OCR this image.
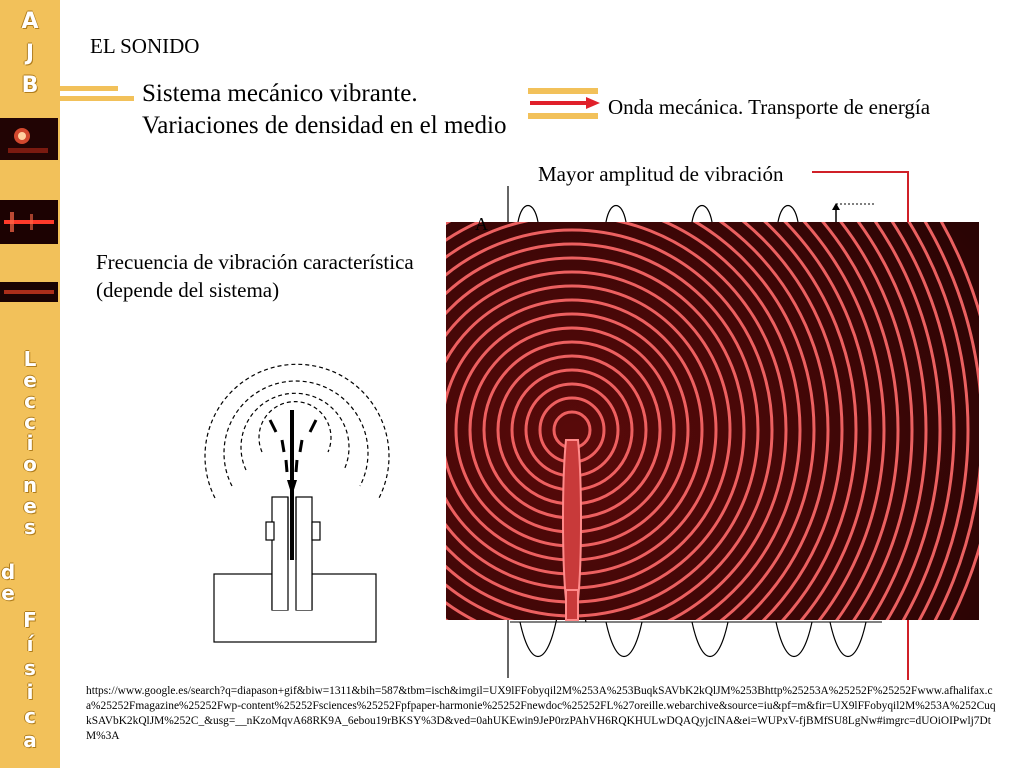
A
J
B
L
e
c
c
i
o
n
e
s
d
e
F
í
s
i
c
a
A
EL SONIDO
Sistema mecánico vibrante.
Variaciones de densidad en el medio
Onda mecánica. Transporte de energía
Mayor amplitud de vibración
Frecuencia de vibración característica
(depende del sistema)
https://www.google.es/search?q=diapason+gif&biw=1311&bih=587&tbm=isch&imgil=UX9lFFobyqil2M%253A%253BuqkSAVbK2kQlJM%253Bhttp%25253A%25252F%25252Fwww.afhalifax.ca%25252Fmagazine%25252Fwp-content%25252Fsciences%25252Fpfpaper-harmonie%25252Fnewdoc%25252FL%27oreille.webarchive&source=iu&pf=m&fir=UX9lFFobyqil2M%253A%252CuqkSAVbK2kQlJM%252C_&usg=__nKzoMqvA68RK9A_6ebou19rBKSY%3D&ved=0ahUKEwin9JeP0rzPAhVH6RQKHULwDQAQyjcINA&ei=WUPxV-fjBMfSU8LgNw#imgrc=dUOiOIPwlj7DtM%3A
